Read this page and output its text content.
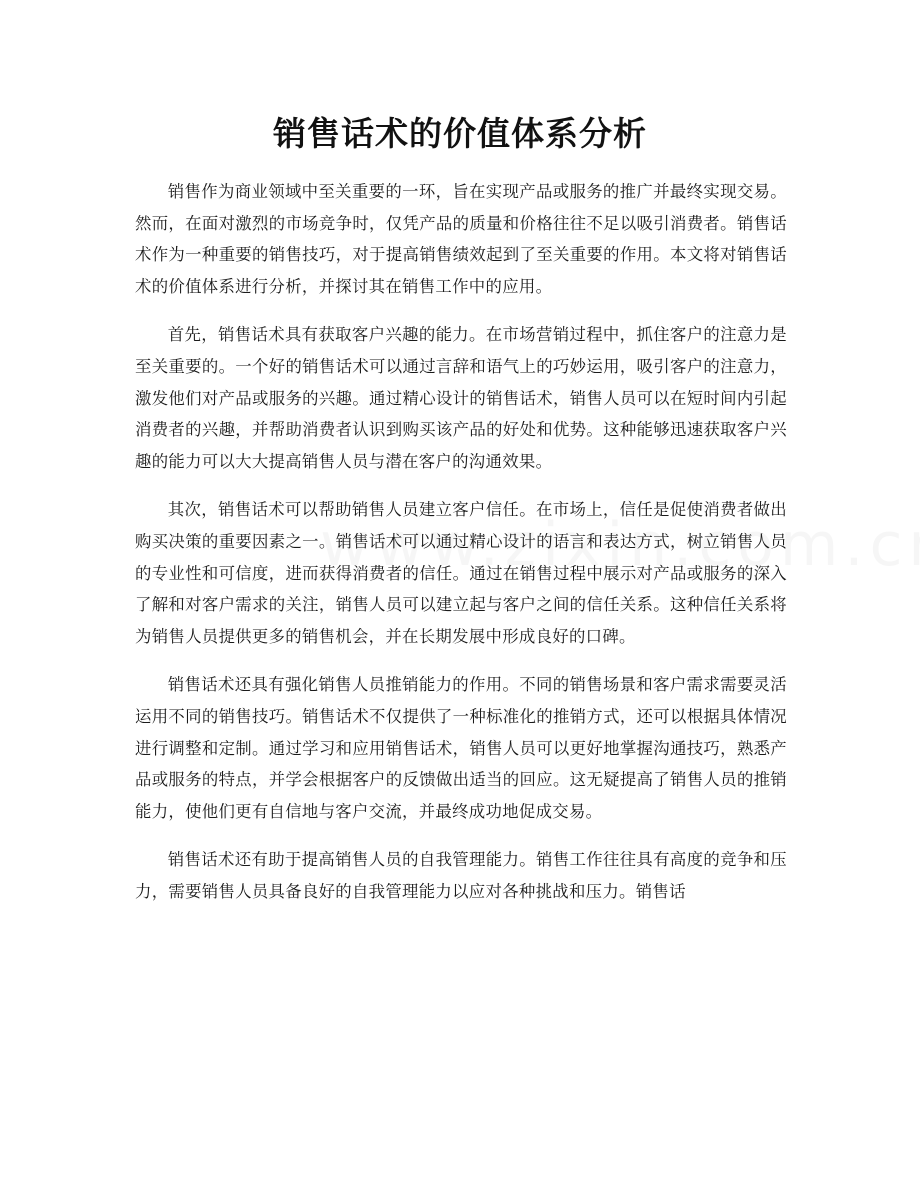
销售话术的价值体系分析

销售作为商业领域中至关重要的一环，旨在实现产品或服务的推广并最终实现交易。然而，在面对激烈的市场竞争时，仅凭产品的质量和价格往往不足以吸引消费者。销售话术作为一种重要的销售技巧，对于提高销售绩效起到了至关重要的作用。本文将对销售话术的价值体系进行分析，并探讨其在销售工作中的应用。

首先，销售话术具有获取客户兴趣的能力。在市场营销过程中，抓住客户的注意力是至关重要的。一个好的销售话术可以通过言辞和语气上的巧妙运用，吸引客户的注意力，激发他们对产品或服务的兴趣。通过精心设计的销售话术，销售人员可以在短时间内引起消费者的兴趣，并帮助消费者认识到购买该产品的好处和优势。这种能够迅速获取客户兴趣的能力可以大大提高销售人员与潜在客户的沟通效果。

其次，销售话术可以帮助销售人员建立客户信任。在市场上，信任是促使消费者做出购买决策的重要因素之一。销售话术可以通过精心设计的语言和表达方式，树立销售人员的专业性和可信度，进而获得消费者的信任。通过在销售过程中展示对产品或服务的深入了解和对客户需求的关注，销售人员可以建立起与客户之间的信任关系。这种信任关系将为销售人员提供更多的销售机会，并在长期发展中形成良好的口碑。

销售话术还具有强化销售人员推销能力的作用。不同的销售场景和客户需求需要灵活运用不同的销售技巧。销售话术不仅提供了一种标准化的推销方式，还可以根据具体情况进行调整和定制。通过学习和应用销售话术，销售人员可以更好地掌握沟通技巧，熟悉产品或服务的特点，并学会根据客户的反馈做出适当的回应。这无疑提高了销售人员的推销能力，使他们更有自信地与客户交流，并最终成功地促成交易。

销售话术还有助于提高销售人员的自我管理能力。销售工作往往具有高度的竞争和压力，需要销售人员具备良好的自我管理能力以应对各种挑战和压力。销售话
